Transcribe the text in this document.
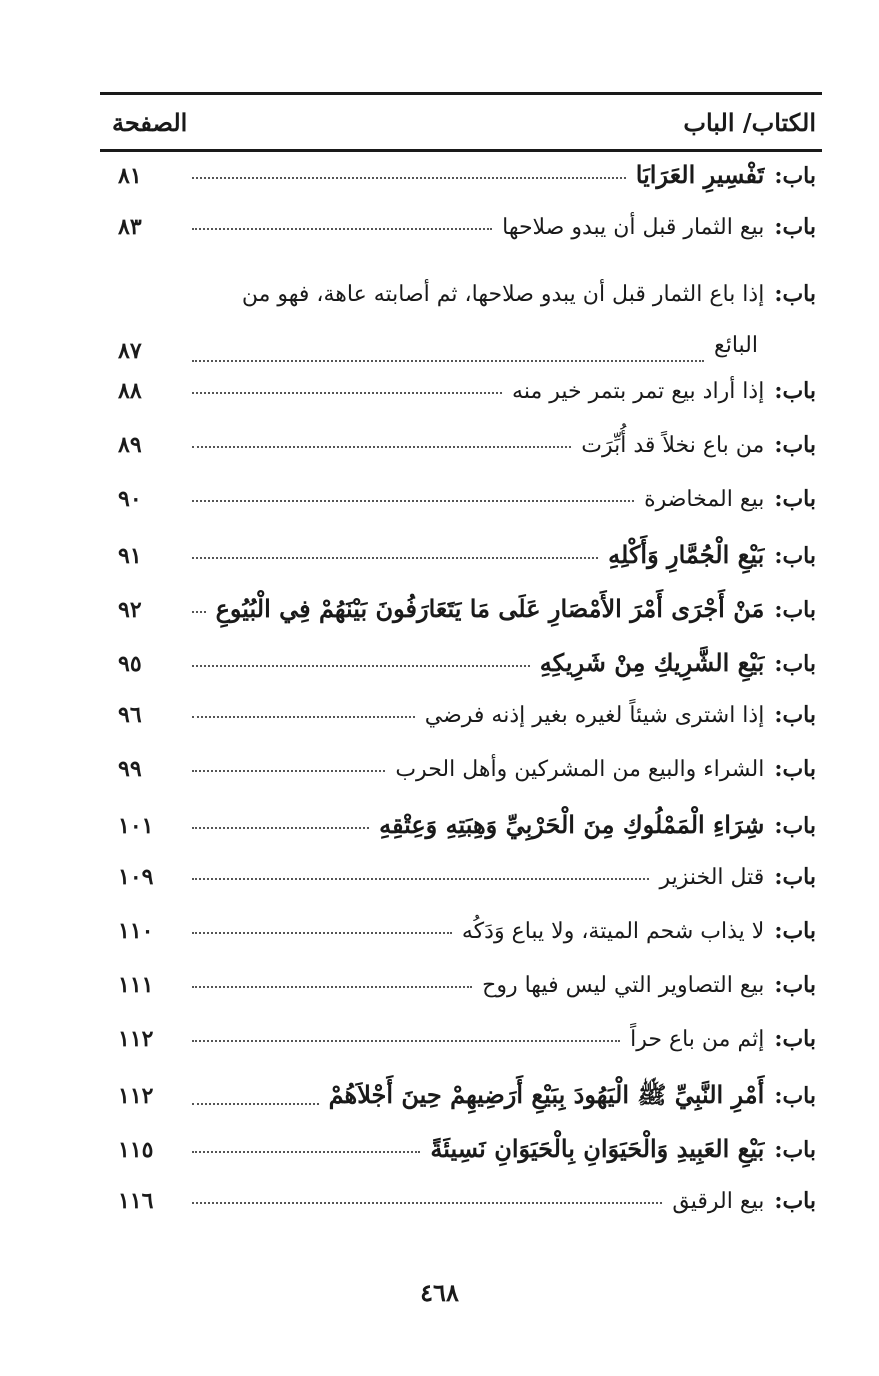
الكتاب/ الباب
الصفحة
باب:
تَفْسِيرِ العَرَايَا
٨١
باب:
بيع الثمار قبل أن يبدو صلاحها
٨٣
باب:
إذا باع الثمار قبل أن يبدو صلاحها، ثم أصابته عاهة، فهو من
البائع
٨٧
باب:
إذا أراد بيع تمر بتمر خير منه
٨٨
باب:
من باع نخلاً قد أُبِّرَت
٨٩
باب:
بيع المخاضرة
٩٠
باب:
بَيْعِ الْجُمَّارِ وَأَكْلِهِ
٩١
باب:
مَنْ أَجْرَى أَمْرَ الأَمْصَارِ عَلَى مَا يَتَعَارَفُونَ بَيْنَهُمْ فِي الْبُيُوعِ
٩٢
باب:
بَيْعِ الشَّرِيكِ مِنْ شَرِيكِهِ
٩٥
باب:
إذا اشترى شيئاً لغيره بغير إذنه فرضي
٩٦
باب:
الشراء والبيع من المشركين وأهل الحرب
٩٩
باب:
شِرَاءِ الْمَمْلُوكِ مِنَ الْحَرْبِيِّ وَهِبَتِهِ وَعِتْقِهِ
١٠١
باب:
قتل الخنزير
١٠٩
باب:
لا يذاب شحم الميتة، ولا يباع وَدَكُه
١١٠
باب:
بيع التصاوير التي ليس فيها روح
١١١
باب:
إثم من باع حراً
١١٢
باب:
أَمْرِ النَّبِيِّ ﷺ الْيَهُودَ بِبَيْعِ أَرَضِيهِمْ حِينَ أَجْلاَهُمْ
١١٢
باب:
بَيْعِ العَبِيدِ وَالْحَيَوَانِ بِالْحَيَوَانِ نَسِيئَةً
١١٥
باب:
بيع الرقيق
١١٦
٤٦٨
